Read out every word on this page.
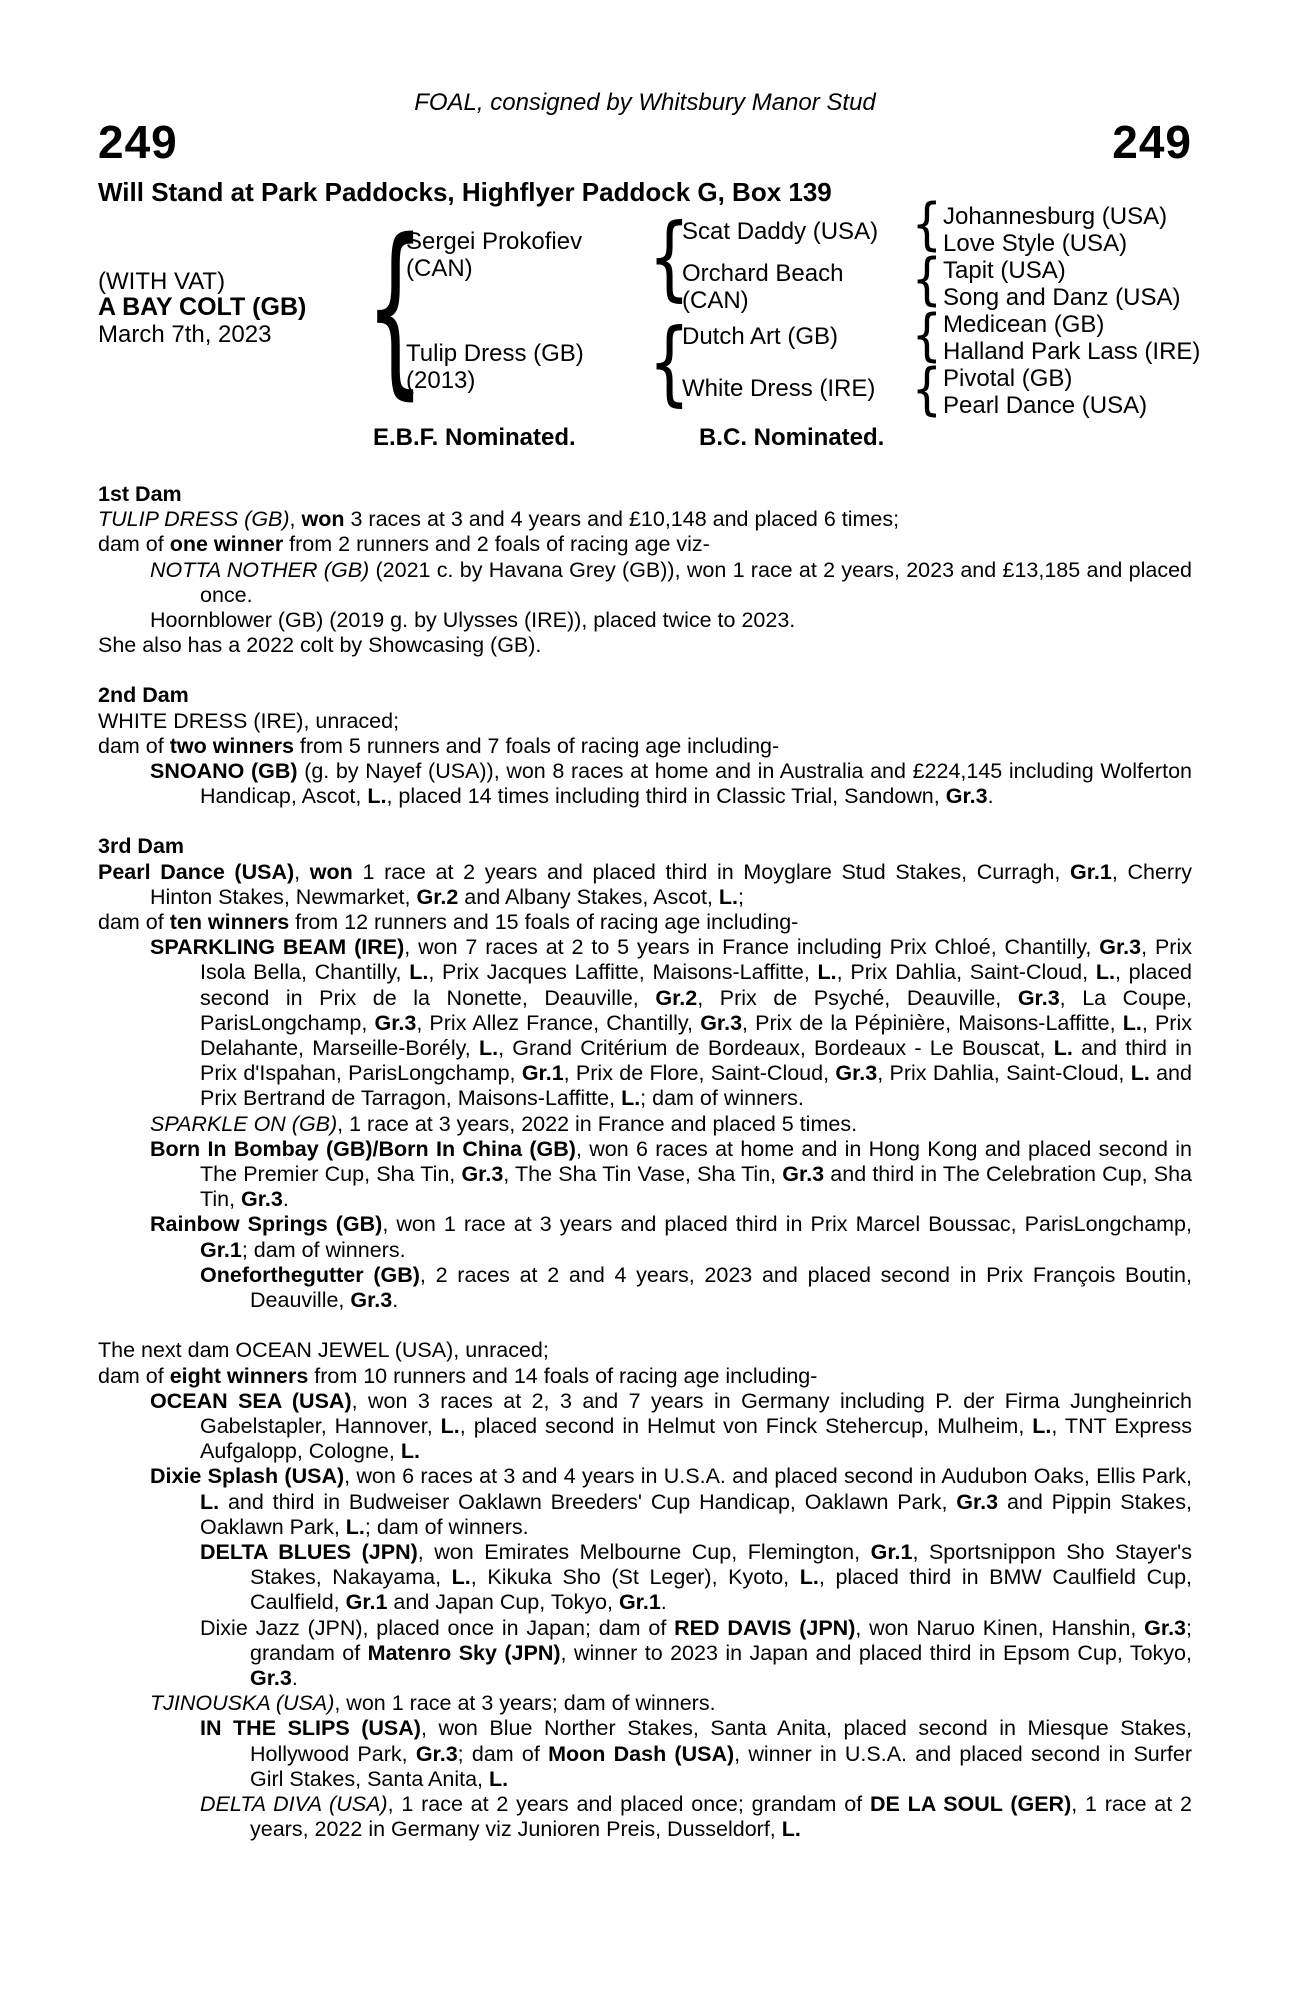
FOAL, consigned by Whitsbury Manor Stud
249	249
Will Stand at Park Paddocks, Highflyer Paddock G, Box 139
(WITH VAT)
A BAY COLT (GB)
March 7th, 2023
{
Sergei Prokofiev
(CAN)
Tulip Dress (GB)
(2013)
{
{
Scat Daddy (USA)
Orchard Beach
(CAN)
Dutch Art (GB)
White Dress (IRE)
{
{
{
{
Johannesburg (USA)
Love Style (USA)
Tapit (USA)
Song and Danz (USA)
Medicean (GB)
Halland Park Lass (IRE)
Pivotal (GB)
Pearl Dance (USA)
E.B.F. Nominated.	B.C. Nominated.
1st Dam
TULIP DRESS (GB), won 3 races at 3 and 4 years and £10,148 and placed 6 times;
dam of one winner from 2 runners and 2 foals of racing age viz-
NOTTA NOTHER (GB) (2021 c. by Havana Grey (GB)), won 1 race at 2 years, 2023 and £13,185 and placed once.
Hoornblower (GB) (2019 g. by Ulysses (IRE)), placed twice to 2023.
She also has a 2022 colt by Showcasing (GB).
2nd Dam
WHITE DRESS (IRE), unraced;
dam of two winners from 5 runners and 7 foals of racing age including-
SNOANO (GB) (g. by Nayef (USA)), won 8 races at home and in Australia and £224,145 including Wolferton Handicap, Ascot, L., placed 14 times including third in Classic Trial, Sandown, Gr.3.
3rd Dam
Pearl Dance (USA), won 1 race at 2 years and placed third in Moyglare Stud Stakes, Curragh, Gr.1, Cherry Hinton Stakes, Newmarket, Gr.2 and Albany Stakes, Ascot, L.;
dam of ten winners from 12 runners and 15 foals of racing age including-
SPARKLING BEAM (IRE), won 7 races at 2 to 5 years in France including Prix Chloé, Chantilly, Gr.3, Prix Isola Bella, Chantilly, L., Prix Jacques Laffitte, Maisons-Laffitte, L., Prix Dahlia, Saint-Cloud, L., placed second in Prix de la Nonette, Deauville, Gr.2, Prix de Psyché, Deauville, Gr.3, La Coupe, ParisLongchamp, Gr.3, Prix Allez France, Chantilly, Gr.3, Prix de la Pépinière, Maisons-Laffitte, L., Prix Delahante, Marseille-Borély, L., Grand Critérium de Bordeaux, Bordeaux - Le Bouscat, L. and third in Prix d'Ispahan, ParisLongchamp, Gr.1, Prix de Flore, Saint-Cloud, Gr.3, Prix Dahlia, Saint-Cloud, L. and Prix Bertrand de Tarragon, Maisons-Laffitte, L.; dam of winners.
SPARKLE ON (GB), 1 race at 3 years, 2022 in France and placed 5 times.
Born In Bombay (GB)/Born In China (GB), won 6 races at home and in Hong Kong and placed second in The Premier Cup, Sha Tin, Gr.3, The Sha Tin Vase, Sha Tin, Gr.3 and third in The Celebration Cup, Sha Tin, Gr.3.
Rainbow Springs (GB), won 1 race at 3 years and placed third in Prix Marcel Boussac, ParisLongchamp, Gr.1; dam of winners.
Oneforthegutter (GB), 2 races at 2 and 4 years, 2023 and placed second in Prix François Boutin, Deauville, Gr.3.
The next dam OCEAN JEWEL (USA), unraced;
dam of eight winners from 10 runners and 14 foals of racing age including-
OCEAN SEA (USA), won 3 races at 2, 3 and 7 years in Germany including P. der Firma Jungheinrich Gabelstapler, Hannover, L., placed second in Helmut von Finck Stehercup, Mulheim, L., TNT Express Aufgalopp, Cologne, L.
Dixie Splash (USA), won 6 races at 3 and 4 years in U.S.A. and placed second in Audubon Oaks, Ellis Park, L. and third in Budweiser Oaklawn Breeders' Cup Handicap, Oaklawn Park, Gr.3 and Pippin Stakes, Oaklawn Park, L.; dam of winners.
DELTA BLUES (JPN), won Emirates Melbourne Cup, Flemington, Gr.1, Sportsnippon Sho Stayer's Stakes, Nakayama, L., Kikuka Sho (St Leger), Kyoto, L., placed third in BMW Caulfield Cup, Caulfield, Gr.1 and Japan Cup, Tokyo, Gr.1.
Dixie Jazz (JPN), placed once in Japan; dam of RED DAVIS (JPN), won Naruo Kinen, Hanshin, Gr.3; grandam of Matenro Sky (JPN), winner to 2023 in Japan and placed third in Epsom Cup, Tokyo, Gr.3.
TJINOUSKA (USA), won 1 race at 3 years; dam of winners.
IN THE SLIPS (USA), won Blue Norther Stakes, Santa Anita, placed second in Miesque Stakes, Hollywood Park, Gr.3; dam of Moon Dash (USA), winner in U.S.A. and placed second in Surfer Girl Stakes, Santa Anita, L.
DELTA DIVA (USA), 1 race at 2 years and placed once; grandam of DE LA SOUL (GER), 1 race at 2 years, 2022 in Germany viz Junioren Preis, Dusseldorf, L.
